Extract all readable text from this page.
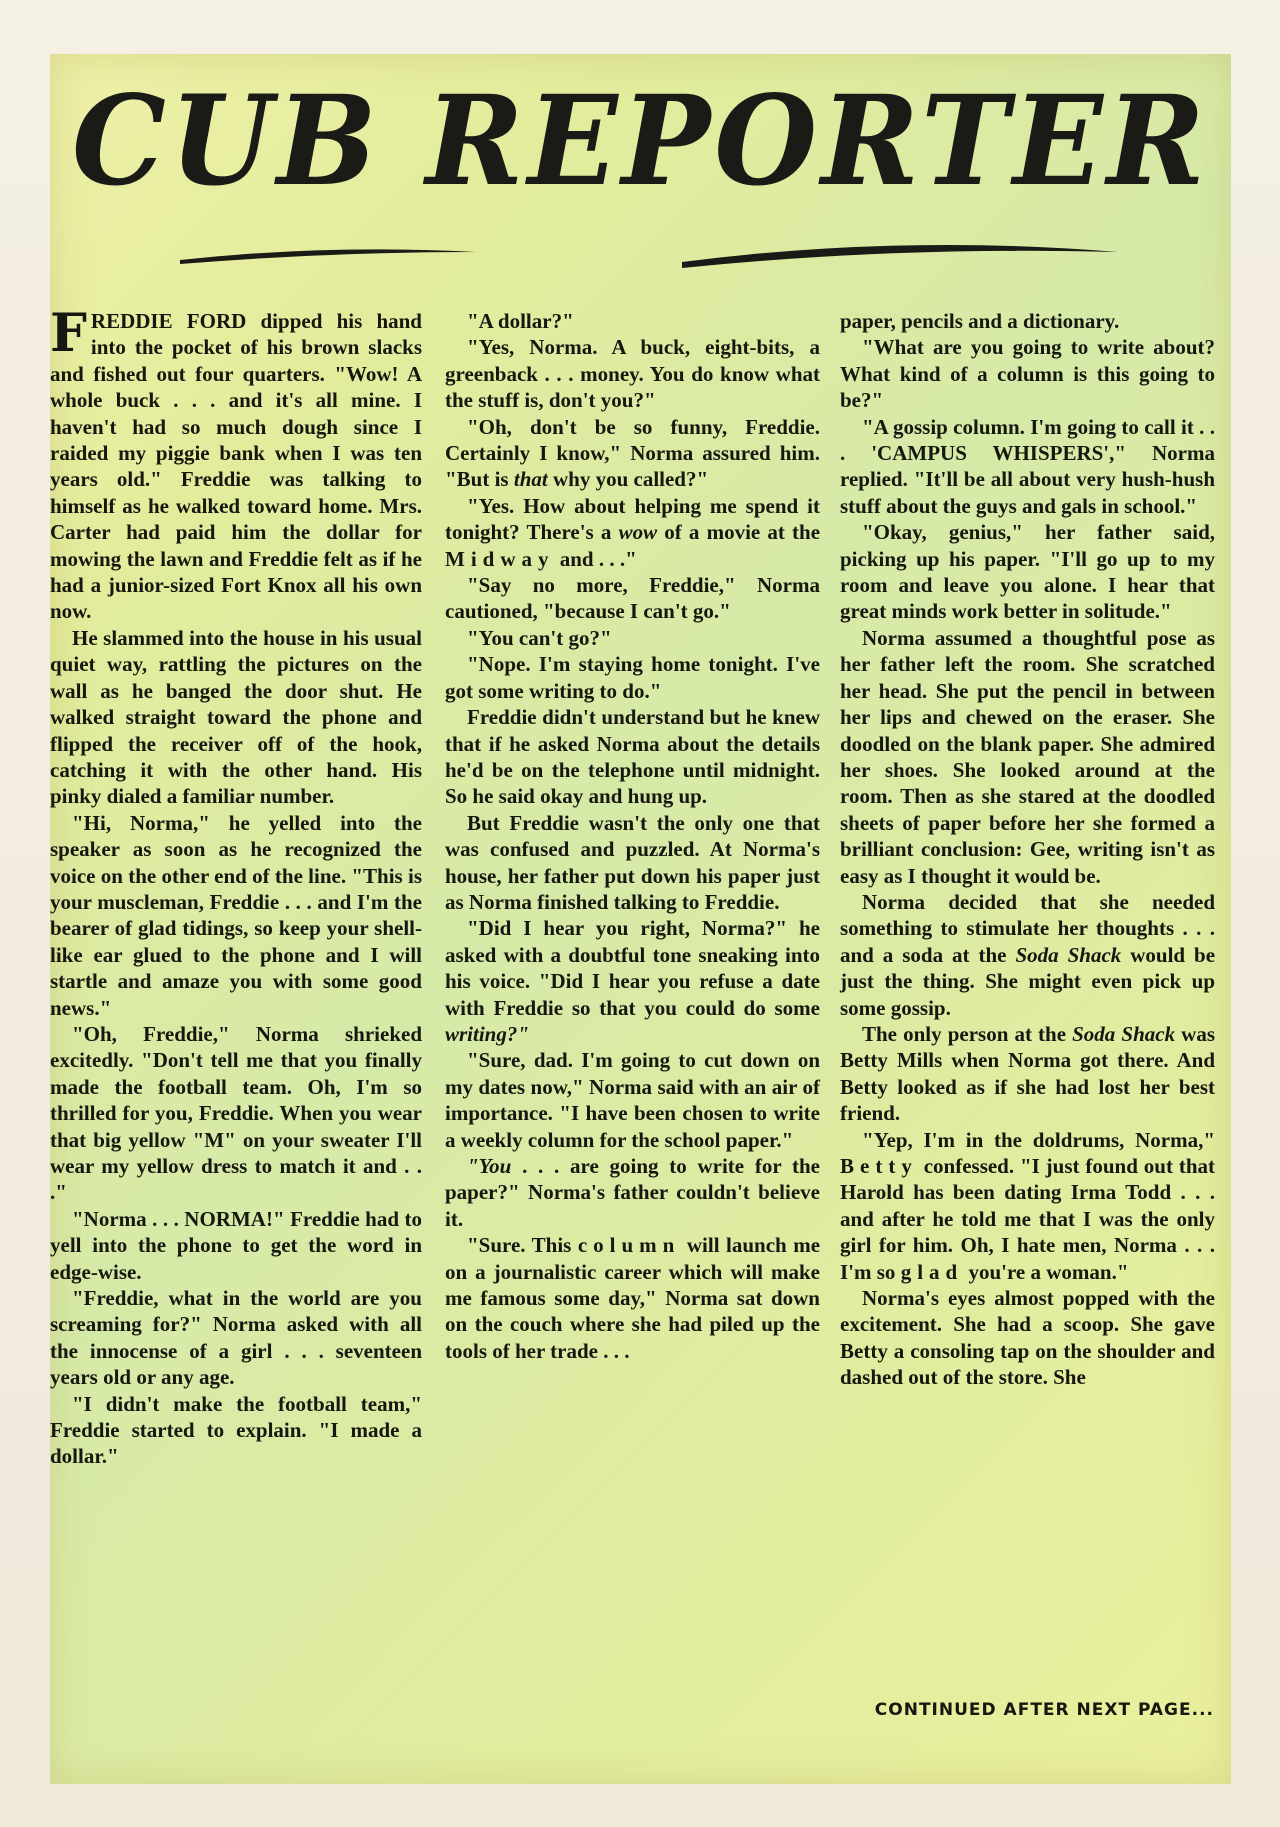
CUB REPORTER

FREDDIE FORD dipped his hand into the pocket of his brown slacks and fished out four quarters. "Wow! A whole buck . . . and it's all mine. I haven't had so much dough since I raided my piggie bank when I was ten years old." Freddie was talking to himself as he walked toward home. Mrs. Carter had paid him the dollar for mowing the lawn and Freddie felt as if he had a junior-sized Fort Knox all his own now.

He slammed into the house in his usual quiet way, rattling the pictures on the wall as he banged the door shut. He walked straight toward the phone and flipped the receiver off of the hook, catching it with the other hand. His pinky dialed a familiar number.

"Hi, Norma," he yelled into the speaker as soon as he recognized the voice on the other end of the line. "This is your muscleman, Freddie . . . and I'm the bearer of glad tidings, so keep your shell-like ear glued to the phone and I will startle and amaze you with some good news."

"Oh, Freddie," Norma shrieked excitedly. "Don't tell me that you finally made the football team. Oh, I'm so thrilled for you, Freddie. When you wear that big yellow "M" on your sweater I'll wear my yellow dress to match it and . . ."

"Norma . . . NORMA!" Freddie had to yell into the phone to get the word in edge-wise.

"Freddie, what in the world are you screaming for?" Norma asked with all the innocense of a girl . . . seventeen years old or any age.

"I didn't make the football team," Freddie started to explain. "I made a dollar."

"A dollar?"

"Yes, Norma. A buck, eight-bits, a greenback . . . money. You do know what the stuff is, don't you?"

"Oh, don't be so funny, Freddie. Certainly I know," Norma assured him. "But is that why you called?"

"Yes. How about helping me spend it tonight? There's a wow of a movie at the Midway and . . ."

"Say no more, Freddie," Norma cautioned, "because I can't go."

"You can't go?"

"Nope. I'm staying home tonight. I've got some writing to do."

Freddie didn't understand but he knew that if he asked Norma about the details he'd be on the telephone until midnight. So he said okay and hung up.

But Freddie wasn't the only one that was confused and puzzled. At Norma's house, her father put down his paper just as Norma finished talking to Freddie.

"Did I hear you right, Norma?" he asked with a doubtful tone sneaking into his voice. "Did I hear you refuse a date with Freddie so that you could do some writing?"

"Sure, dad. I'm going to cut down on my dates now," Norma said with an air of importance. "I have been chosen to write a weekly column for the school paper."

"You . . . are going to write for the paper?" Norma's father couldn't believe it.

"Sure. This column will launch me on a journalistic career which will make me famous some day," Norma sat down on the couch where she had piled up the tools of her trade . . .

paper, pencils and a dictionary.

"What are you going to write about? What kind of a column is this going to be?"

"A gossip column. I'm going to call it . . . 'CAMPUS WHISPERS'," Norma replied. "It'll be all about very hush-hush stuff about the guys and gals in school."

"Okay, genius," her father said, picking up his paper. "I'll go up to my room and leave you alone. I hear that great minds work better in solitude."

Norma assumed a thoughtful pose as her father left the room. She scratched her head. She put the pencil in between her lips and chewed on the eraser. She doodled on the blank paper. She admired her shoes. She looked around at the room. Then as she stared at the doodled sheets of paper before her she formed a brilliant conclusion: Gee, writing isn't as easy as I thought it would be.

Norma decided that she needed something to stimulate her thoughts . . . and a soda at the Soda Shack would be just the thing. She might even pick up some gossip.

The only person at the Soda Shack was Betty Mills when Norma got there. And Betty looked as if she had lost her best friend.

"Yep, I'm in the doldrums, Norma," Betty confessed. "I just found out that Harold has been dating Irma Todd . . . and after he told me that I was the only girl for him. Oh, I hate men, Norma . . . I'm so glad you're a woman."

Norma's eyes almost popped with the excitement. She had a scoop. She gave Betty a consoling tap on the shoulder and dashed out of the store. She

CONTINUED AFTER NEXT PAGE...
